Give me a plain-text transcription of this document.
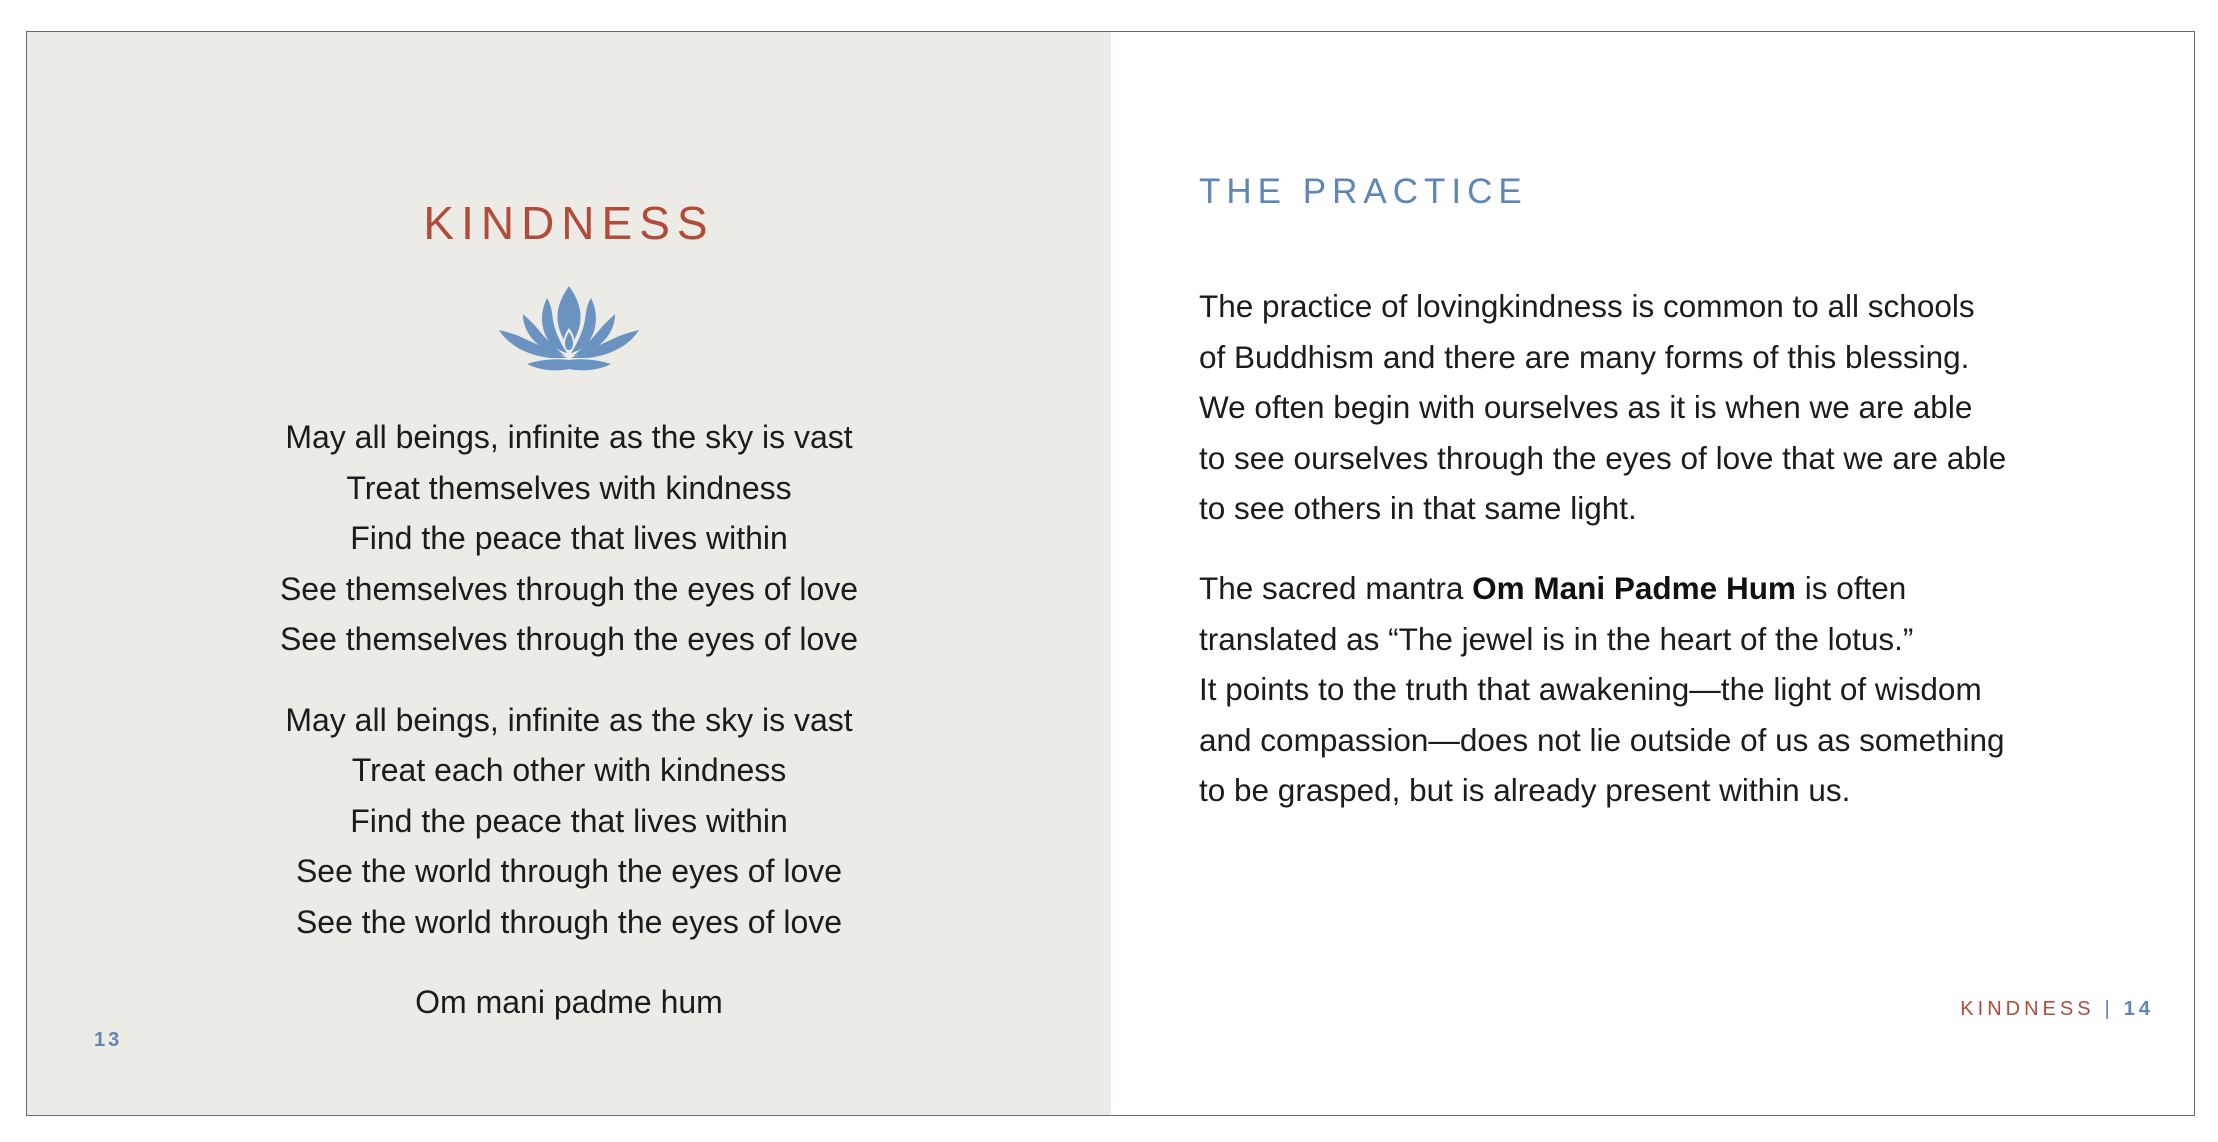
KINDNESS
May all beings, infinite as the sky is vast
Treat themselves with kindness
Find the peace that lives within
See themselves through the eyes of love
See themselves through the eyes of love
May all beings, infinite as the sky is vast
Treat each other with kindness
Find the peace that lives within
See the world through the eyes of love
See the world through the eyes of love
Om mani padme hum
13
THE PRACTICE

The practice of lovingkindness is common to all schools
of Buddhism and there are many forms of this blessing.
We often begin with ourselves as it is when we are able
to see ourselves through the eyes of love that we are able
to see others in that same light.

The sacred mantra Om Mani Padme Hum is often
translated as “The jewel is in the heart of the lotus.”
It points to the truth that awakening—the light of wisdom
and compassion—does not lie outside of us as something
to be grasped, but is already present within us.

KINDNESS | 14
